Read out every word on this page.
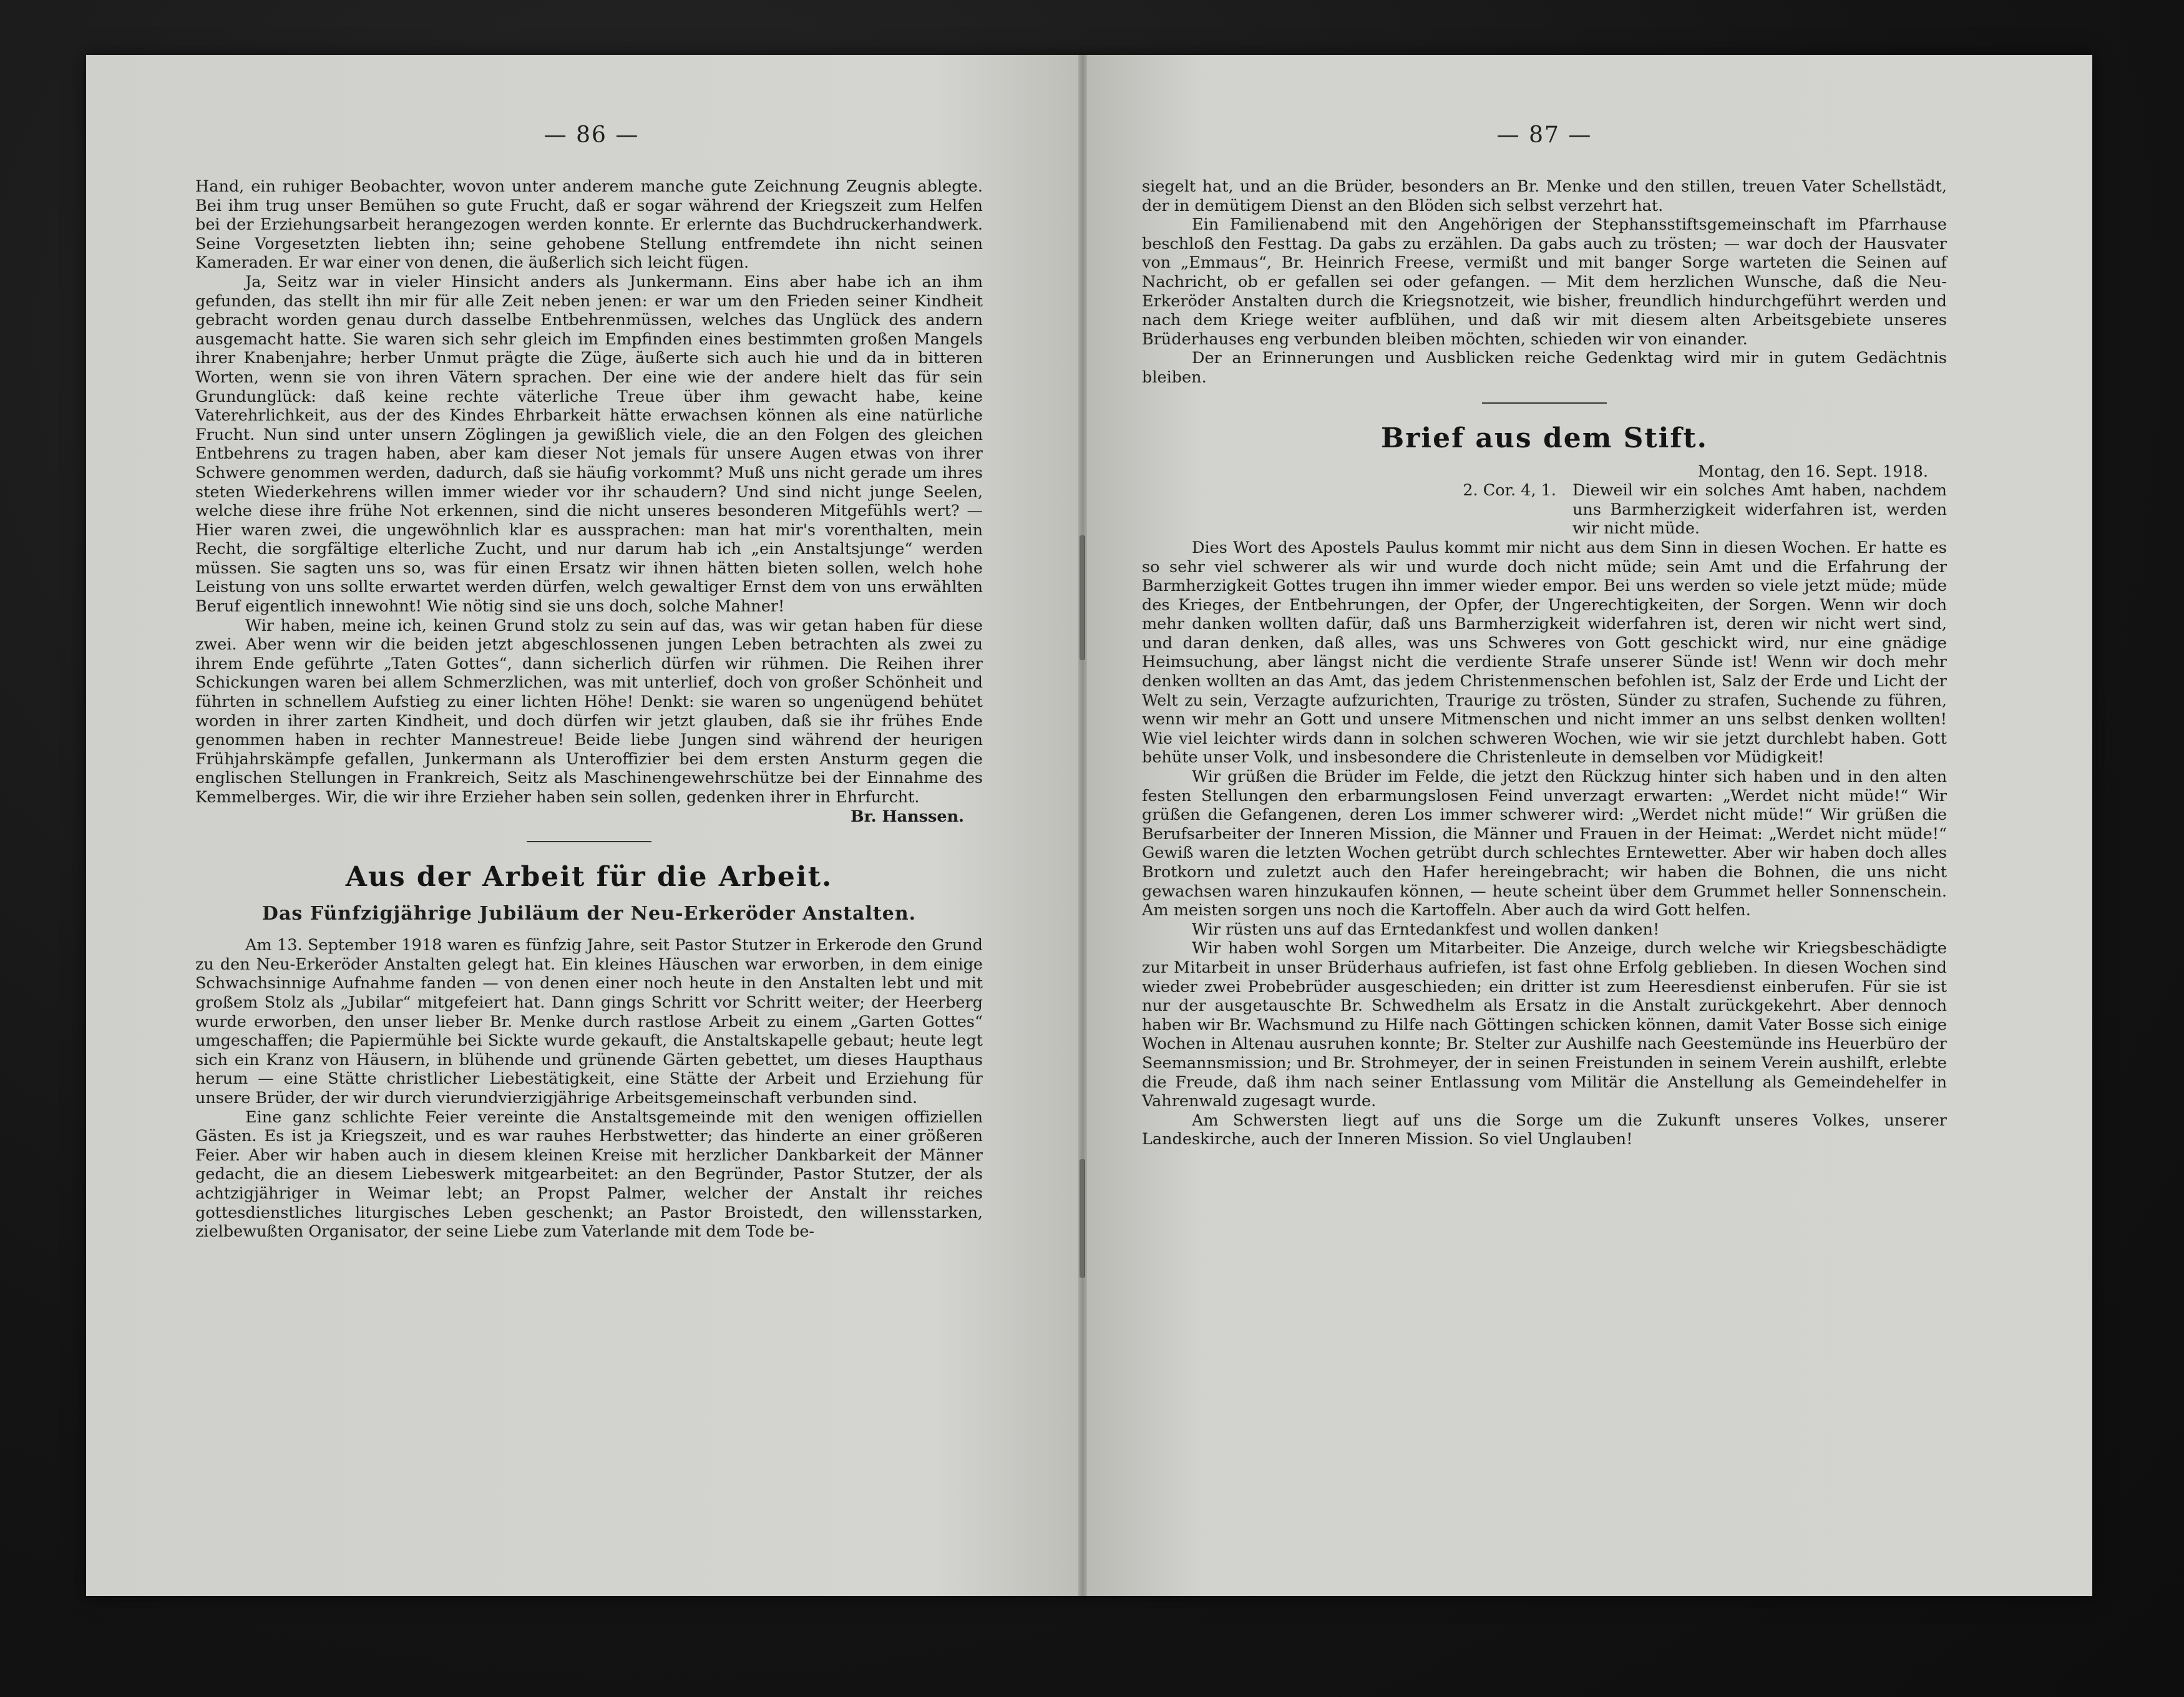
— 86 —

Hand, ein ruhiger Beobachter, wovon unter anderem manche gute Zeichnung Zeugnis ablegte. Bei ihm trug unser Bemühen so gute Frucht, daß er sogar während der Kriegszeit zum Helfen bei der Erziehungsarbeit herangezogen werden konnte. Er erlernte das Buchdruckerhandwerk. Seine Vorgesetzten liebten ihn; seine gehobene Stellung entfremdete ihn nicht seinen Kameraden. Er war einer von denen, die äußerlich sich leicht fügen.

Ja, Seitz war in vieler Hinsicht anders als Junkermann. Eins aber habe ich an ihm gefunden, das stellt ihn mir für alle Zeit neben jenen: er war um den Frieden seiner Kindheit gebracht worden genau durch dasselbe Entbehrenmüssen, welches das Unglück des andern ausgemacht hatte. Sie waren sich sehr gleich im Empfinden eines bestimmten großen Mangels ihrer Knabenjahre; herber Unmut prägte die Züge, äußerte sich auch hie und da in bitteren Worten, wenn sie von ihren Vätern sprachen. Der eine wie der andere hielt das für sein Grundunglück: daß keine rechte väterliche Treue über ihm gewacht habe, keine Vaterehrlichkeit, aus der des Kindes Ehrbarkeit hätte erwachsen können als eine natürliche Frucht. Nun sind unter unsern Zöglingen ja gewißlich viele, die an den Folgen des gleichen Entbehrens zu tragen haben, aber kam dieser Not jemals für unsere Augen etwas von ihrer Schwere genommen werden, dadurch, daß sie häufig vorkommt? Muß uns nicht gerade um ihres steten Wiederkehrens willen immer wieder vor ihr schaudern? Und sind nicht junge Seelen, welche diese ihre frühe Not erkennen, sind die nicht unseres besonderen Mitgefühls wert? — Hier waren zwei, die ungewöhnlich klar es aussprachen: man hat mir's vorenthalten, mein Recht, die sorgfältige elterliche Zucht, und nur darum hab ich „ein Anstaltsjunge“ werden müssen. Sie sagten uns so, was für einen Ersatz wir ihnen hätten bieten sollen, welch hohe Leistung von uns sollte erwartet werden dürfen, welch gewaltiger Ernst dem von uns erwählten Beruf eigentlich innewohnt! Wie nötig sind sie uns doch, solche Mahner!

Wir haben, meine ich, keinen Grund stolz zu sein auf das, was wir getan haben für diese zwei. Aber wenn wir die beiden jetzt abgeschlossenen jungen Leben betrachten als zwei zu ihrem Ende geführte „Taten Gottes“, dann sicherlich dürfen wir rühmen. Die Reihen ihrer Schickungen waren bei allem Schmerzlichen, was mit unterlief, doch von großer Schönheit und führten in schnellem Aufstieg zu einer lichten Höhe! Denkt: sie waren so ungenügend behütet worden in ihrer zarten Kindheit, und doch dürfen wir jetzt glauben, daß sie ihr frühes Ende genommen haben in rechter Mannestreue! Beide liebe Jungen sind während der heurigen Frühjahrskämpfe gefallen, Junkermann als Unteroffizier bei dem ersten Ansturm gegen die englischen Stellungen in Frankreich, Seitz als Maschinengewehrschütze bei der Einnahme des Kemmelberges. Wir, die wir ihre Erzieher haben sein sollen, gedenken ihrer in Ehrfurcht.

Br. Hanssen.
Aus der Arbeit für die Arbeit.
Das Fünfzigjährige Jubiläum der Neu-Erkeröder Anstalten.

Am 13. September 1918 waren es fünfzig Jahre, seit Pastor Stutzer in Erkerode den Grund zu den Neu-Erkeröder Anstalten gelegt hat. Ein kleines Häuschen war erworben, in dem einige Schwachsinnige Aufnahme fanden — von denen einer noch heute in den Anstalten lebt und mit großem Stolz als „Jubilar“ mitgefeiert hat. Dann gings Schritt vor Schritt weiter; der Heerberg wurde erworben, den unser lieber Br. Menke durch rastlose Arbeit zu einem „Garten Gottes“ umgeschaffen; die Papiermühle bei Sickte wurde gekauft, die Anstaltskapelle gebaut; heute legt sich ein Kranz von Häusern, in blühende und grünende Gärten gebettet, um dieses Haupthaus herum — eine Stätte christlicher Liebestätigkeit, eine Stätte der Arbeit und Erziehung für unsere Brüder, der wir durch vierundvierzigjährige Arbeitsgemeinschaft verbunden sind.

Eine ganz schlichte Feier vereinte die Anstaltsgemeinde mit den wenigen offiziellen Gästen. Es ist ja Kriegszeit, und es war rauhes Herbstwetter; das hinderte an einer größeren Feier. Aber wir haben auch in diesem kleinen Kreise mit herzlicher Dankbarkeit der Männer gedacht, die an diesem Liebeswerk mitgearbeitet: an den Begründer, Pastor Stutzer, der als achtzigjähriger in Weimar lebt; an Propst Palmer, welcher der Anstalt ihr reiches gottesdienstliches liturgisches Leben geschenkt; an Pastor Broistedt, den willensstarken, zielbewußten Organisator, der seine Liebe zum Vaterlande mit dem Tode be-

— 87 —

siegelt hat, und an die Brüder, besonders an Br. Menke und den stillen, treuen Vater Schellstädt, der in demütigem Dienst an den Blöden sich selbst verzehrt hat.

Ein Familienabend mit den Angehörigen der Stephansstiftsgemeinschaft im Pfarrhause beschloß den Festtag. Da gabs zu erzählen. Da gabs auch zu trösten; — war doch der Hausvater von „Emmaus“, Br. Heinrich Freese, vermißt und mit banger Sorge warteten die Seinen auf Nachricht, ob er gefallen sei oder gefangen. — Mit dem herzlichen Wunsche, daß die Neu-Erkeröder Anstalten durch die Kriegsnotzeit, wie bisher, freundlich hindurchgeführt werden und nach dem Kriege weiter aufblühen, und daß wir mit diesem alten Arbeitsgebiete unseres Brüderhauses eng verbunden bleiben möchten, schieden wir von einander.

Der an Erinnerungen und Ausblicken reiche Gedenktag wird mir in gutem Gedächtnis bleiben.

Brief aus dem Stift.
Montag, den 16. Sept. 1918.
2. Cor. 4, 1. Dieweil wir ein solches Amt haben, nachdem uns Barmherzigkeit widerfahren ist, werden wir nicht müde.

Dies Wort des Apostels Paulus kommt mir nicht aus dem Sinn in diesen Wochen. Er hatte es so sehr viel schwerer als wir und wurde doch nicht müde; sein Amt und die Erfahrung der Barmherzigkeit Gottes trugen ihn immer wieder empor. Bei uns werden so viele jetzt müde; müde des Krieges, der Entbehrungen, der Opfer, der Ungerechtigkeiten, der Sorgen. Wenn wir doch mehr danken wollten dafür, daß uns Barmherzigkeit widerfahren ist, deren wir nicht wert sind, und daran denken, daß alles, was uns Schweres von Gott geschickt wird, nur eine gnädige Heimsuchung, aber längst nicht die verdiente Strafe unserer Sünde ist! Wenn wir doch mehr denken wollten an das Amt, das jedem Christenmenschen befohlen ist, Salz der Erde und Licht der Welt zu sein, Verzagte aufzurichten, Traurige zu trösten, Sünder zu strafen, Suchende zu führen, wenn wir mehr an Gott und unsere Mitmenschen und nicht immer an uns selbst denken wollten! Wie viel leichter wirds dann in solchen schweren Wochen, wie wir sie jetzt durchlebt haben. Gott behüte unser Volk, und insbesondere die Christenleute in demselben vor Müdigkeit!

Wir grüßen die Brüder im Felde, die jetzt den Rückzug hinter sich haben und in den alten festen Stellungen den erbarmungslosen Feind unverzagt erwarten: „Werdet nicht müde!“ Wir grüßen die Gefangenen, deren Los immer schwerer wird: „Werdet nicht müde!“ Wir grüßen die Berufsarbeiter der Inneren Mission, die Männer und Frauen in der Heimat: „Werdet nicht müde!“ Gewiß waren die letzten Wochen getrübt durch schlechtes Erntewetter. Aber wir haben doch alles Brotkorn und zuletzt auch den Hafer hereingebracht; wir haben die Bohnen, die uns nicht gewachsen waren hinzukaufen können, — heute scheint über dem Grummet heller Sonnenschein. Am meisten sorgen uns noch die Kartoffeln. Aber auch da wird Gott helfen.

Wir rüsten uns auf das Erntedankfest und wollen danken!

Wir haben wohl Sorgen um Mitarbeiter. Die Anzeige, durch welche wir Kriegsbeschädigte zur Mitarbeit in unser Brüderhaus aufriefen, ist fast ohne Erfolg geblieben. In diesen Wochen sind wieder zwei Probebrüder ausgeschieden; ein dritter ist zum Heeresdienst einberufen. Für sie ist nur der ausgetauschte Br. Schwedhelm als Ersatz in die Anstalt zurückgekehrt. Aber dennoch haben wir Br. Wachsmund zu Hilfe nach Göttingen schicken können, damit Vater Bosse sich einige Wochen in Altenau ausruhen konnte; Br. Stelter zur Aushilfe nach Geestemünde ins Heuerbüro der Seemannsmission; und Br. Strohmeyer, der in seinen Freistunden in seinem Verein aushilft, erlebte die Freude, daß ihm nach seiner Entlassung vom Militär die Anstellung als Gemeindehelfer in Vahrenwald zugesagt wurde.

Am Schwersten liegt auf uns die Sorge um die Zukunft unseres Volkes, unserer Landeskirche, auch der Inneren Mission. So viel Unglauben!
